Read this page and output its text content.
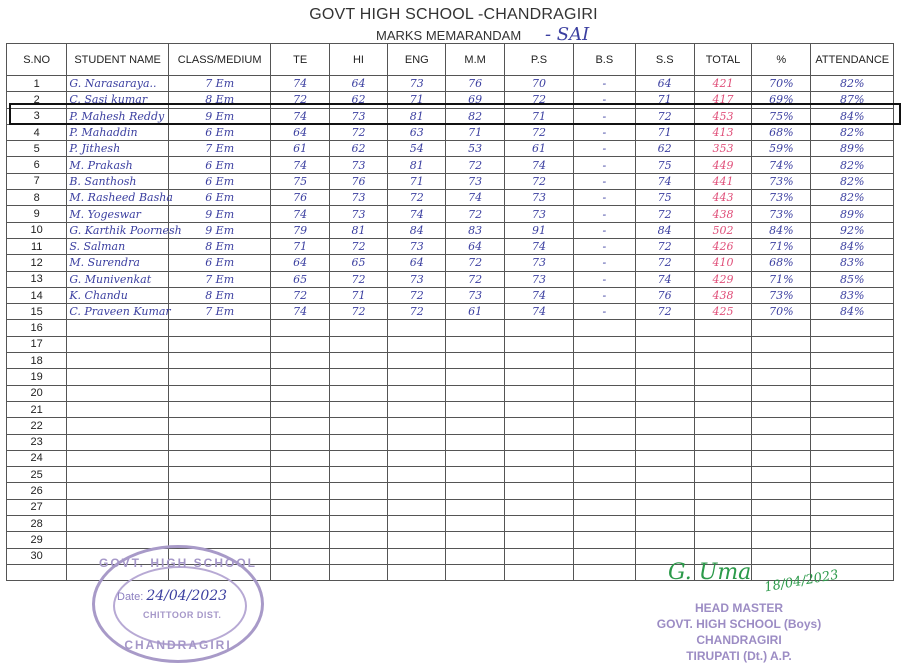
GOVT HIGH SCHOOL -CHANDRAGIRI
MARKS MEMARANDAM - SAI
S.NO	STUDENT NAME	CLASS/MEDIUM	TE	HI	ENG	M.M	P.S	B.S	S.S	TOTAL	%	ATTENDANCE
1	G. Narasaraya..	7 Em	74	64	73	76	70	-	64	421	70%	82%
2	C. Sasi kumar	8 Em	72	62	71	69	72	-	71	417	69%	87%
3	P. Mahesh Reddy	9 Em	74	73	81	82	71	-	72	453	75%	84%
4	P. Mahaddin	6 Em	64	72	63	71	72	-	71	413	68%	82%
5	P. Jithesh	7 Em	61	62	54	53	61	-	62	353	59%	89%
6	M. Prakash	6 Em	74	73	81	72	74	-	75	449	74%	82%
7	B. Santhosh	6 Em	75	76	71	73	72	-	74	441	73%	82%
8	M. Rasheed Basha	6 Em	76	73	72	74	73	-	75	443	73%	82%
9	M. Yogeswar	9 Em	74	73	74	72	73	-	72	438	73%	89%
10	G. Karthik Poornesh	9 Em	79	81	84	83	91	-	84	502	84%	92%
11	S. Salman	8 Em	71	72	73	64	74	-	72	426	71%	84%
12	M. Surendra	6 Em	64	65	64	72	73	-	72	410	68%	83%
13	G. Munivenkat	7 Em	65	72	73	72	73	-	74	429	71%	85%
14	K. Chandu	8 Em	72	71	72	73	74	-	76	438	73%	83%
15	C. Praveen Kumar	7 Em	74	72	72	61	74	-	72	425	70%	84%
16												
17												
18												
19												
20												
21												
22												
23												
24												
25												
26												
27												
28												
29												
30												
													GOVT. HIGH SCHOOL
Date: 24/04/2023
CHITTOOR DIST.
CHANDRAGIRI
G. Uma 18/04/2023
HEAD MASTER
GOVT. HIGH SCHOOL (Boys)
CHANDRAGIRI
TIRUPATI (Dt.) A.P.
